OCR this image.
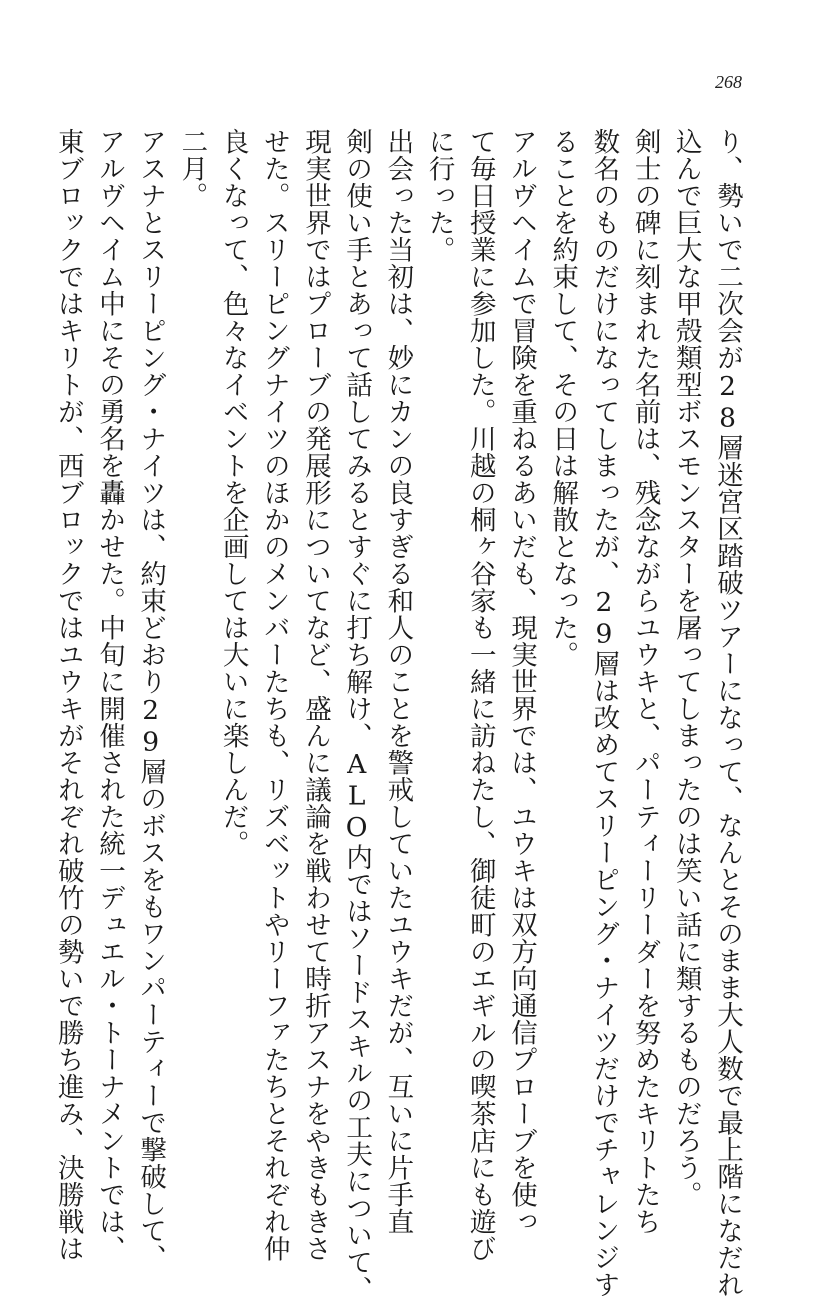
268
り、勢いで二次会が28層迷宮区踏破ツアーになって、なんとそのまま大人数で最上階になだれ
込んで巨大な甲殻類型ボスモンスターを屠ってしまったのは笑い話に類するものだろう。
剣士の碑に刻まれた名前は、残念ながらユウキと、パーティーリーダーを努めたキリトたち
数名のものだけになってしまったが、29層は改めてスリーピング・ナイツだけでチャレンジす
ることを約束して、その日は解散となった。
アルヴヘイムで冒険を重ねるあいだも、現実世界では、ユウキは双方向通信プローブを使っ
て毎日授業に参加した。川越の桐ヶ谷家も一緒に訪ねたし、御徒町のエギルの喫茶店にも遊び
に行った。
出会った当初は、妙にカンの良すぎる和人のことを警戒していたユウキだが、互いに片手直
剣の使い手とあって話してみるとすぐに打ち解け、ALO内ではソードスキルの工夫について、
現実世界ではプローブの発展形についてなど、盛んに議論を戦わせて時折アスナをやきもきさ
せた。スリーピングナイツのほかのメンバーたちも、リズベットやリーファたちとそれぞれ仲
良くなって、色々なイベントを企画しては大いに楽しんだ。
二月。
アスナとスリーピング・ナイツは、約束どおり29層のボスをもワンパーティーで撃破して、
アルヴヘイム中にその勇名を轟かせた。中旬に開催された統一デュエル・トーナメントでは、
東ブロックではキリトが、西ブロックではユウキがそれぞれ破竹の勢いで勝ち進み、決勝戦は
